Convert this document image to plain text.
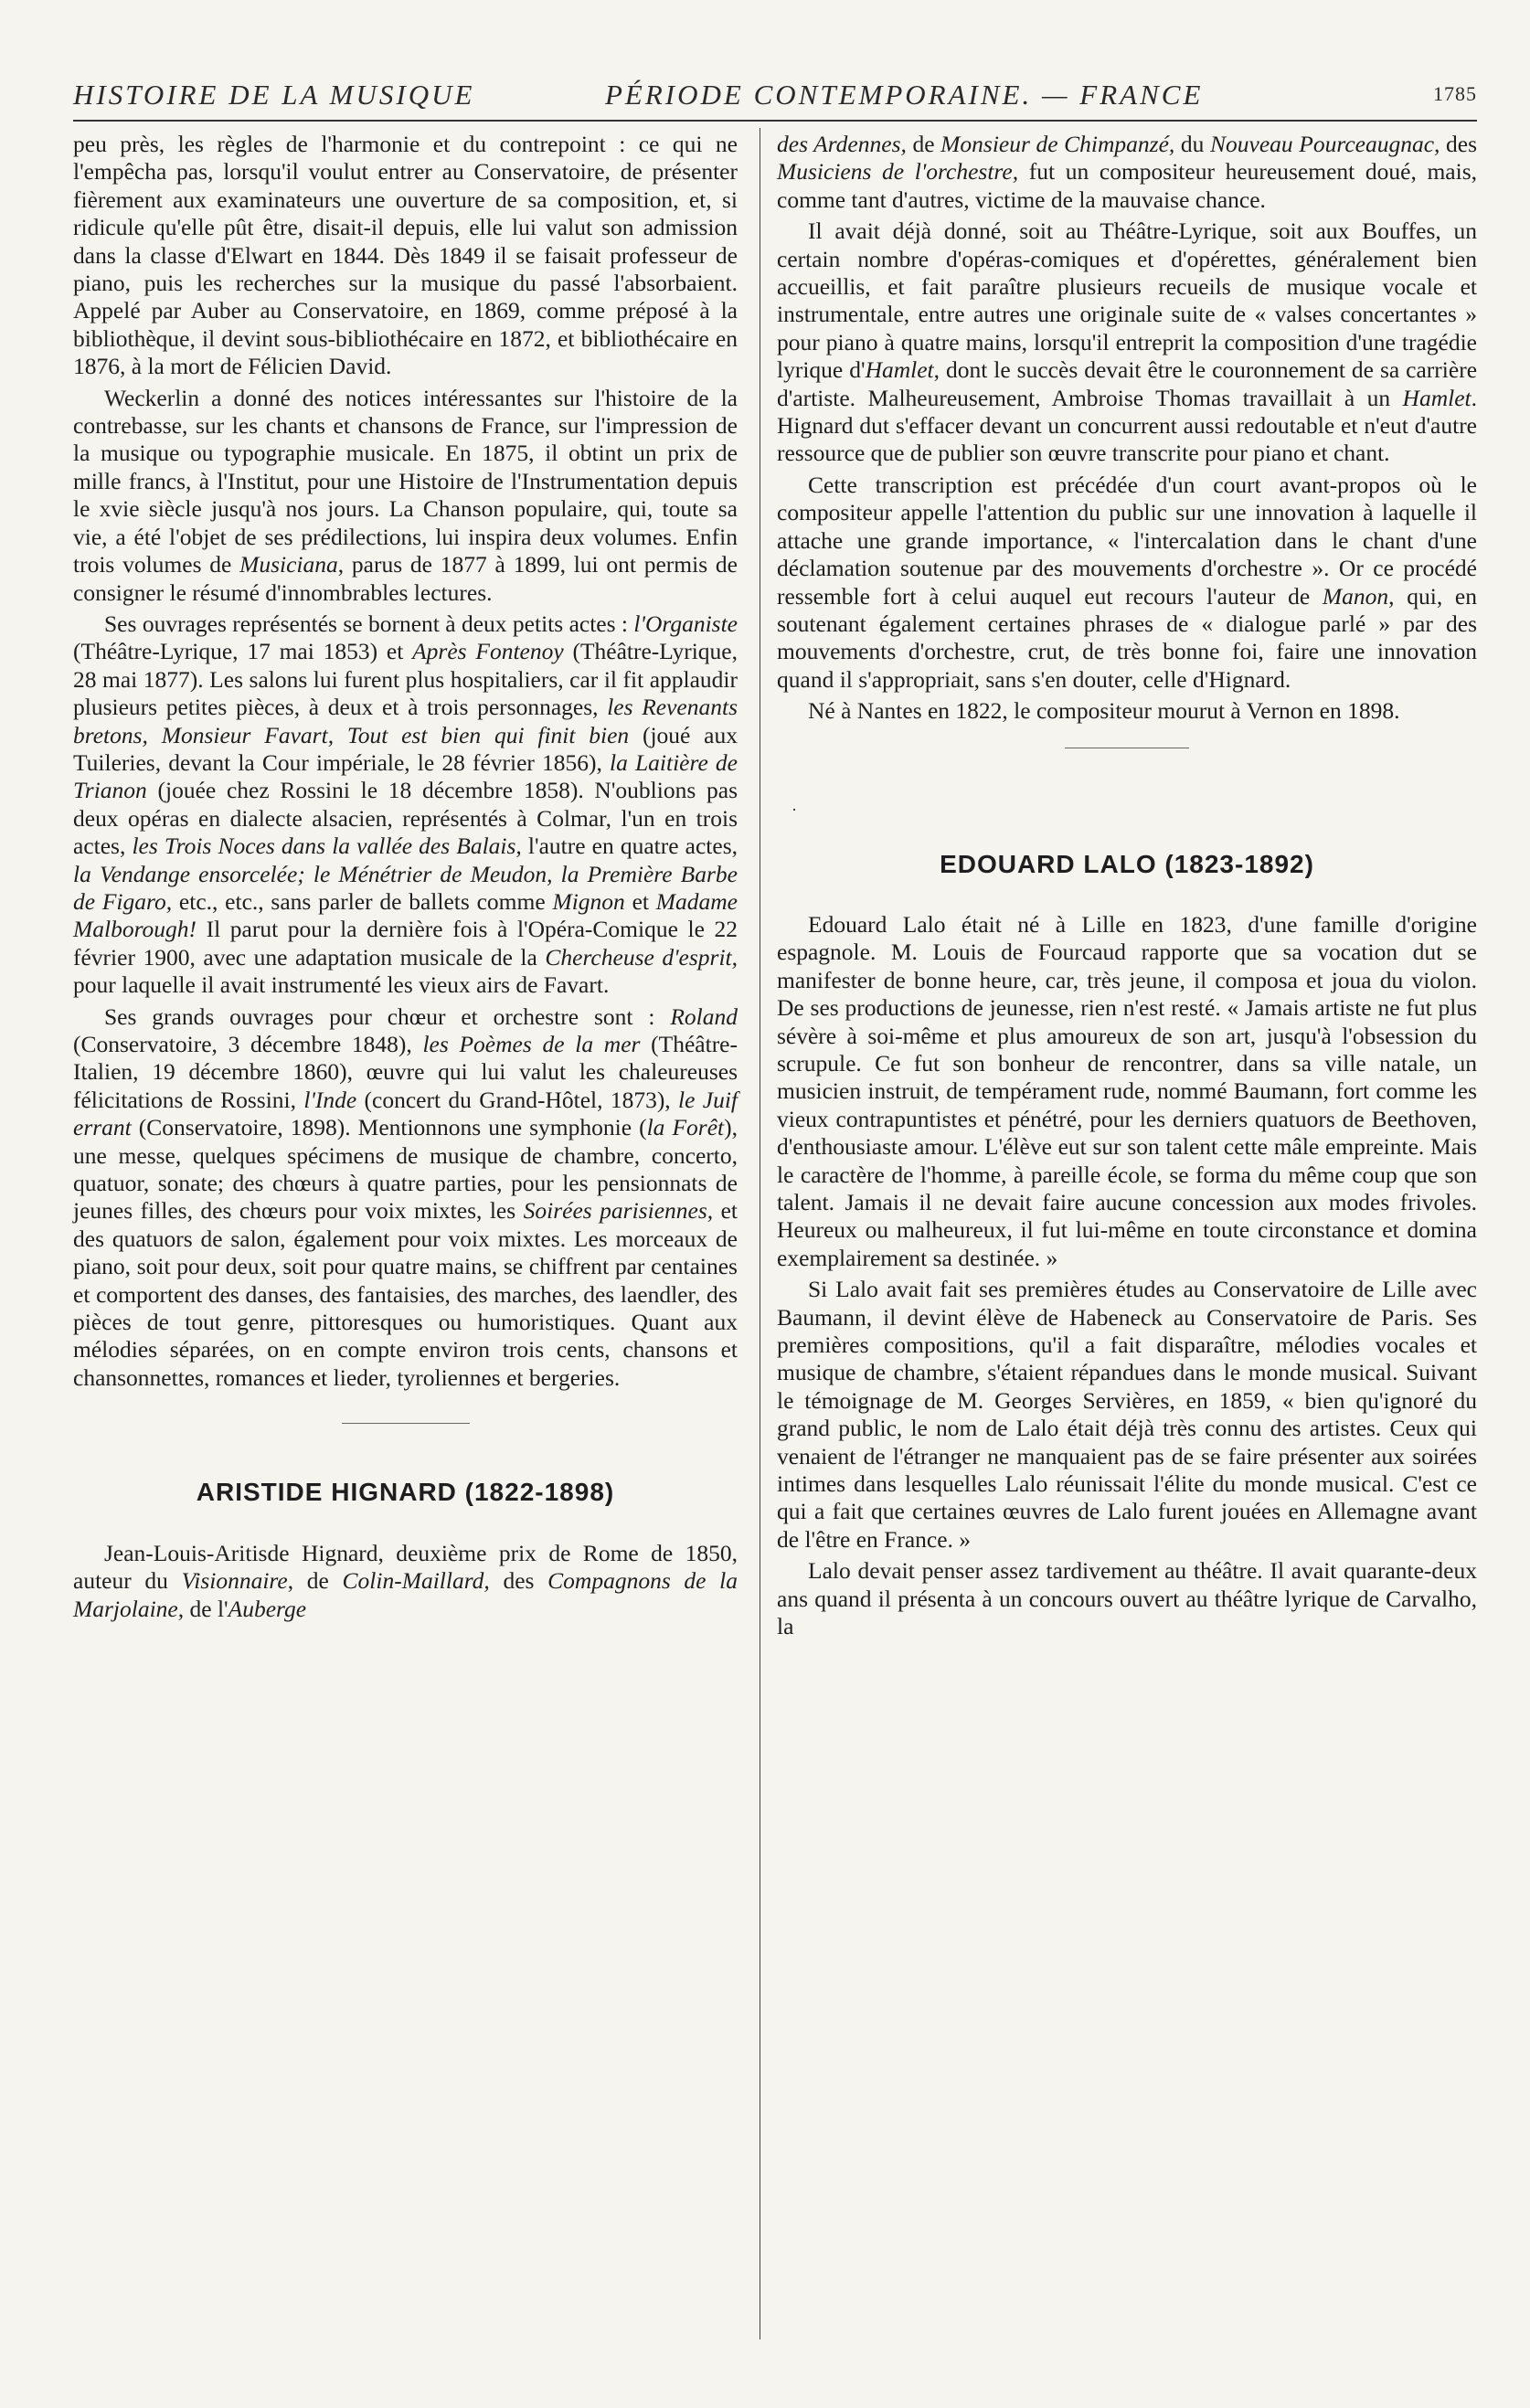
HISTOIRE DE LA MUSIQUE	PÉRIODE CONTEMPORAINE. — FRANCE	1785

peu près, les règles de l'harmonie et du contrepoint : ce qui ne l'empêcha pas, lorsqu'il voulut entrer au Conservatoire, de présenter fièrement aux examinateurs une ouverture de sa composition, et, si ridicule qu'elle pût être, disait-il depuis, elle lui valut son admission dans la classe d'Elwart en 1844. Dès 1849 il se faisait professeur de piano, puis les recherches sur la musique du passé l'absorbaient. Appelé par Auber au Conservatoire, en 1869, comme préposé à la bibliothèque, il devint sous-bibliothécaire en 1872, et bibliothécaire en 1876, à la mort de Félicien David.

Weckerlin a donné des notices intéressantes sur l'histoire de la contrebasse, sur les chants et chansons de France, sur l'impression de la musique ou typographie musicale. En 1875, il obtint un prix de mille francs, à l'Institut, pour une Histoire de l'Instrumentation depuis le xvie siècle jusqu'à nos jours. La Chanson populaire, qui, toute sa vie, a été l'objet de ses prédilections, lui inspira deux volumes. Enfin trois volumes de Musiciana, parus de 1877 à 1899, lui ont permis de consigner le résumé d'innombrables lectures.

Ses ouvrages représentés se bornent à deux petits actes : l'Organiste (Théâtre-Lyrique, 17 mai 1853) et Après Fontenoy (Théâtre-Lyrique, 28 mai 1877). Les salons lui furent plus hospitaliers, car il fit applaudir plusieurs petites pièces, à deux et à trois personnages, les Revenants bretons, Monsieur Favart, Tout est bien qui finit bien (joué aux Tuileries, devant la Cour impériale, le 28 février 1856), la Laitière de Trianon (jouée chez Rossini le 18 décembre 1858). N'oublions pas deux opéras en dialecte alsacien, représentés à Colmar, l'un en trois actes, les Trois Noces dans la vallée des Balais, l'autre en quatre actes, la Vendange ensorcelée; le Ménétrier de Meudon, la Première Barbe de Figaro, etc., etc., sans parler de ballets comme Mignon et Madame Malborough! Il parut pour la dernière fois à l'Opéra-Comique le 22 février 1900, avec une adaptation musicale de la Chercheuse d'esprit, pour laquelle il avait instrumenté les vieux airs de Favart.

Ses grands ouvrages pour chœur et orchestre sont : Roland (Conservatoire, 3 décembre 1848), les Poèmes de la mer (Théâtre-Italien, 19 décembre 1860), œuvre qui lui valut les chaleureuses félicitations de Rossini, l'Inde (concert du Grand-Hôtel, 1873), le Juif errant (Conservatoire, 1898). Mentionnons une symphonie (la Forêt), une messe, quelques spécimens de musique de chambre, concerto, quatuor, sonate; des chœurs à quatre parties, pour les pensionnats de jeunes filles, des chœurs pour voix mixtes, les Soirées parisiennes, et des quatuors de salon, également pour voix mixtes. Les morceaux de piano, soit pour deux, soit pour quatre mains, se chiffrent par centaines et comportent des danses, des fantaisies, des marches, des laendler, des pièces de tout genre, pittoresques ou humoristiques. Quant aux mélodies séparées, on en compte environ trois cents, chansons et chansonnettes, romances et lieder, tyroliennes et bergeries.

ARISTIDE HIGNARD (1822-1898)

Jean-Louis-Aritisde Hignard, deuxième prix de Rome de 1850, auteur du Visionnaire, de Colin-Maillard, des Compagnons de la Marjolaine, de l'Auberge

des Ardennes, de Monsieur de Chimpanzé, du Nouveau Pourceaugnac, des Musiciens de l'orchestre, fut un compositeur heureusement doué, mais, comme tant d'autres, victime de la mauvaise chance.

Il avait déjà donné, soit au Théâtre-Lyrique, soit aux Bouffes, un certain nombre d'opéras-comiques et d'opérettes, généralement bien accueillis, et fait paraître plusieurs recueils de musique vocale et instrumentale, entre autres une originale suite de « valses concertantes » pour piano à quatre mains, lorsqu'il entreprit la composition d'une tragédie lyrique d'Hamlet, dont le succès devait être le couronnement de sa carrière d'artiste. Malheureusement, Ambroise Thomas travaillait à un Hamlet. Hignard dut s'effacer devant un concurrent aussi redoutable et n'eut d'autre ressource que de publier son œuvre transcrite pour piano et chant.

Cette transcription est précédée d'un court avant-propos où le compositeur appelle l'attention du public sur une innovation à laquelle il attache une grande importance, « l'intercalation dans le chant d'une déclamation soutenue par des mouvements d'orchestre ». Or ce procédé ressemble fort à celui auquel eut recours l'auteur de Manon, qui, en soutenant également certaines phrases de « dialogue parlé » par des mouvements d'orchestre, crut, de très bonne foi, faire une innovation quand il s'appropriait, sans s'en douter, celle d'Hignard.

Né à Nantes en 1822, le compositeur mourut à Vernon en 1898.

·
EDOUARD LALO (1823-1892)

Edouard Lalo était né à Lille en 1823, d'une famille d'origine espagnole. M. Louis de Fourcaud rapporte que sa vocation dut se manifester de bonne heure, car, très jeune, il composa et joua du violon. De ses productions de jeunesse, rien n'est resté. « Jamais artiste ne fut plus sévère à soi-même et plus amoureux de son art, jusqu'à l'obsession du scrupule. Ce fut son bonheur de rencontrer, dans sa ville natale, un musicien instruit, de tempérament rude, nommé Baumann, fort comme les vieux contrapuntistes et pénétré, pour les derniers quatuors de Beethoven, d'enthousiaste amour. L'élève eut sur son talent cette mâle empreinte. Mais le caractère de l'homme, à pareille école, se forma du même coup que son talent. Jamais il ne devait faire aucune concession aux modes frivoles. Heureux ou malheureux, il fut lui-même en toute circonstance et domina exemplairement sa destinée. »

Si Lalo avait fait ses premières études au Conservatoire de Lille avec Baumann, il devint élève de Habeneck au Conservatoire de Paris. Ses premières compositions, qu'il a fait disparaître, mélodies vocales et musique de chambre, s'étaient répandues dans le monde musical. Suivant le témoignage de M. Georges Servières, en 1859, « bien qu'ignoré du grand public, le nom de Lalo était déjà très connu des artistes. Ceux qui venaient de l'étranger ne manquaient pas de se faire présenter aux soirées intimes dans lesquelles Lalo réunissait l'élite du monde musical. C'est ce qui a fait que certaines œuvres de Lalo furent jouées en Allemagne avant de l'être en France. »

Lalo devait penser assez tardivement au théâtre. Il avait quarante-deux ans quand il présenta à un concours ouvert au théâtre lyrique de Carvalho, la
